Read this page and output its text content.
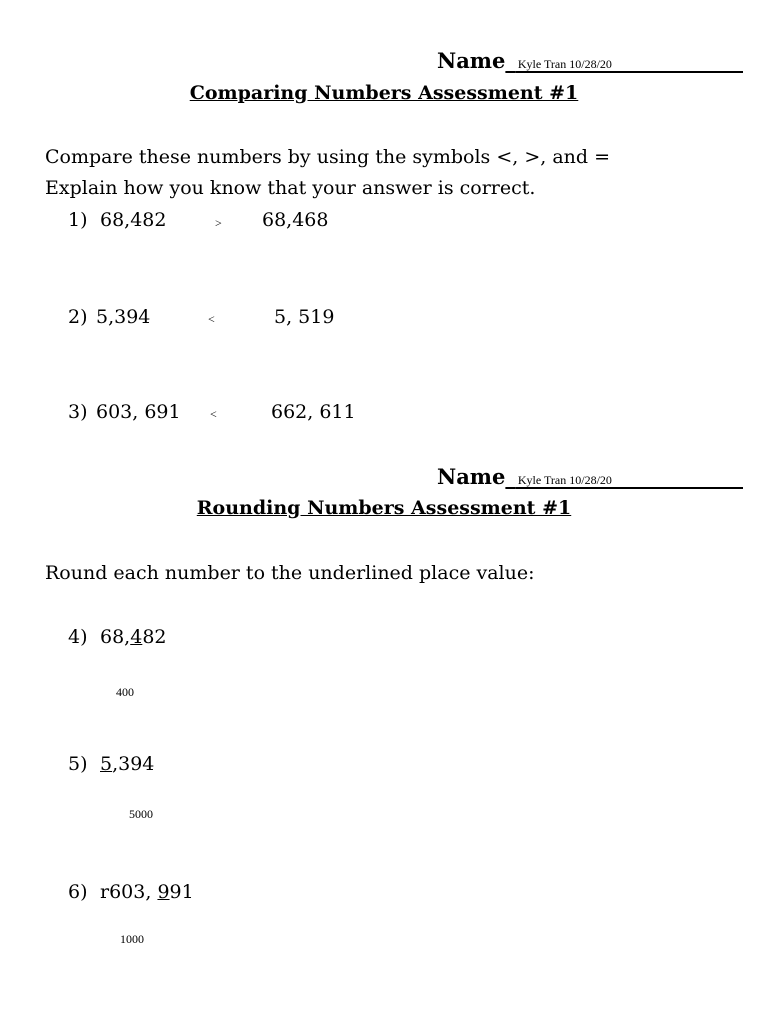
Name_ Kyle Tran 10/28/20
Comparing Numbers Assessment #1
Compare these numbers by using the symbols <, >, and =
Explain how you know that your answer is correct.
1) 68,482	> 68,468
2) 5,394	<	5, 519
3) 603, 691 <	662, 611
Name_ Kyle Tran 10/28/20
Rounding Numbers Assessment #1
Round each number to the underlined place value:
4) 68,482
400
5) 5,394
5000
6) r603, 991
1000
